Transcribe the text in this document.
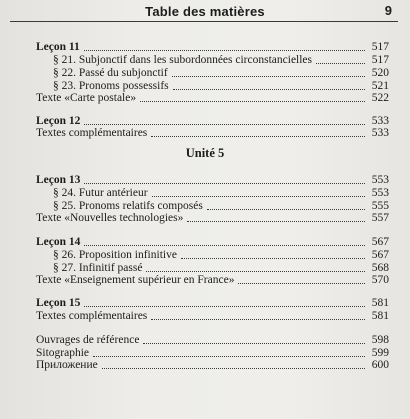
Table des matières	9
Leçon 11	517
§ 21. Subjonctif dans les subordonnées circonstancielles	517
§ 22. Passé du subjonctif	520
§ 23. Pronoms possessifs	521
Texte «Carte postale»	522
Leçon 12	533
Textes complémentaires	533
Unité 5
Leçon 13	553
§ 24. Futur antérieur	553
§ 25. Pronoms relatifs composés	555
Texte «Nouvelles technologies»	557
Leçon 14	567
§ 26. Proposition infinitive	567
§ 27. Infinitif passé	568
Texte «Enseignement supérieur en France»	570
Leçon 15	581
Textes complémentaires	581
Ouvrages de référence	598
Sitographie	599
Приложение	600
